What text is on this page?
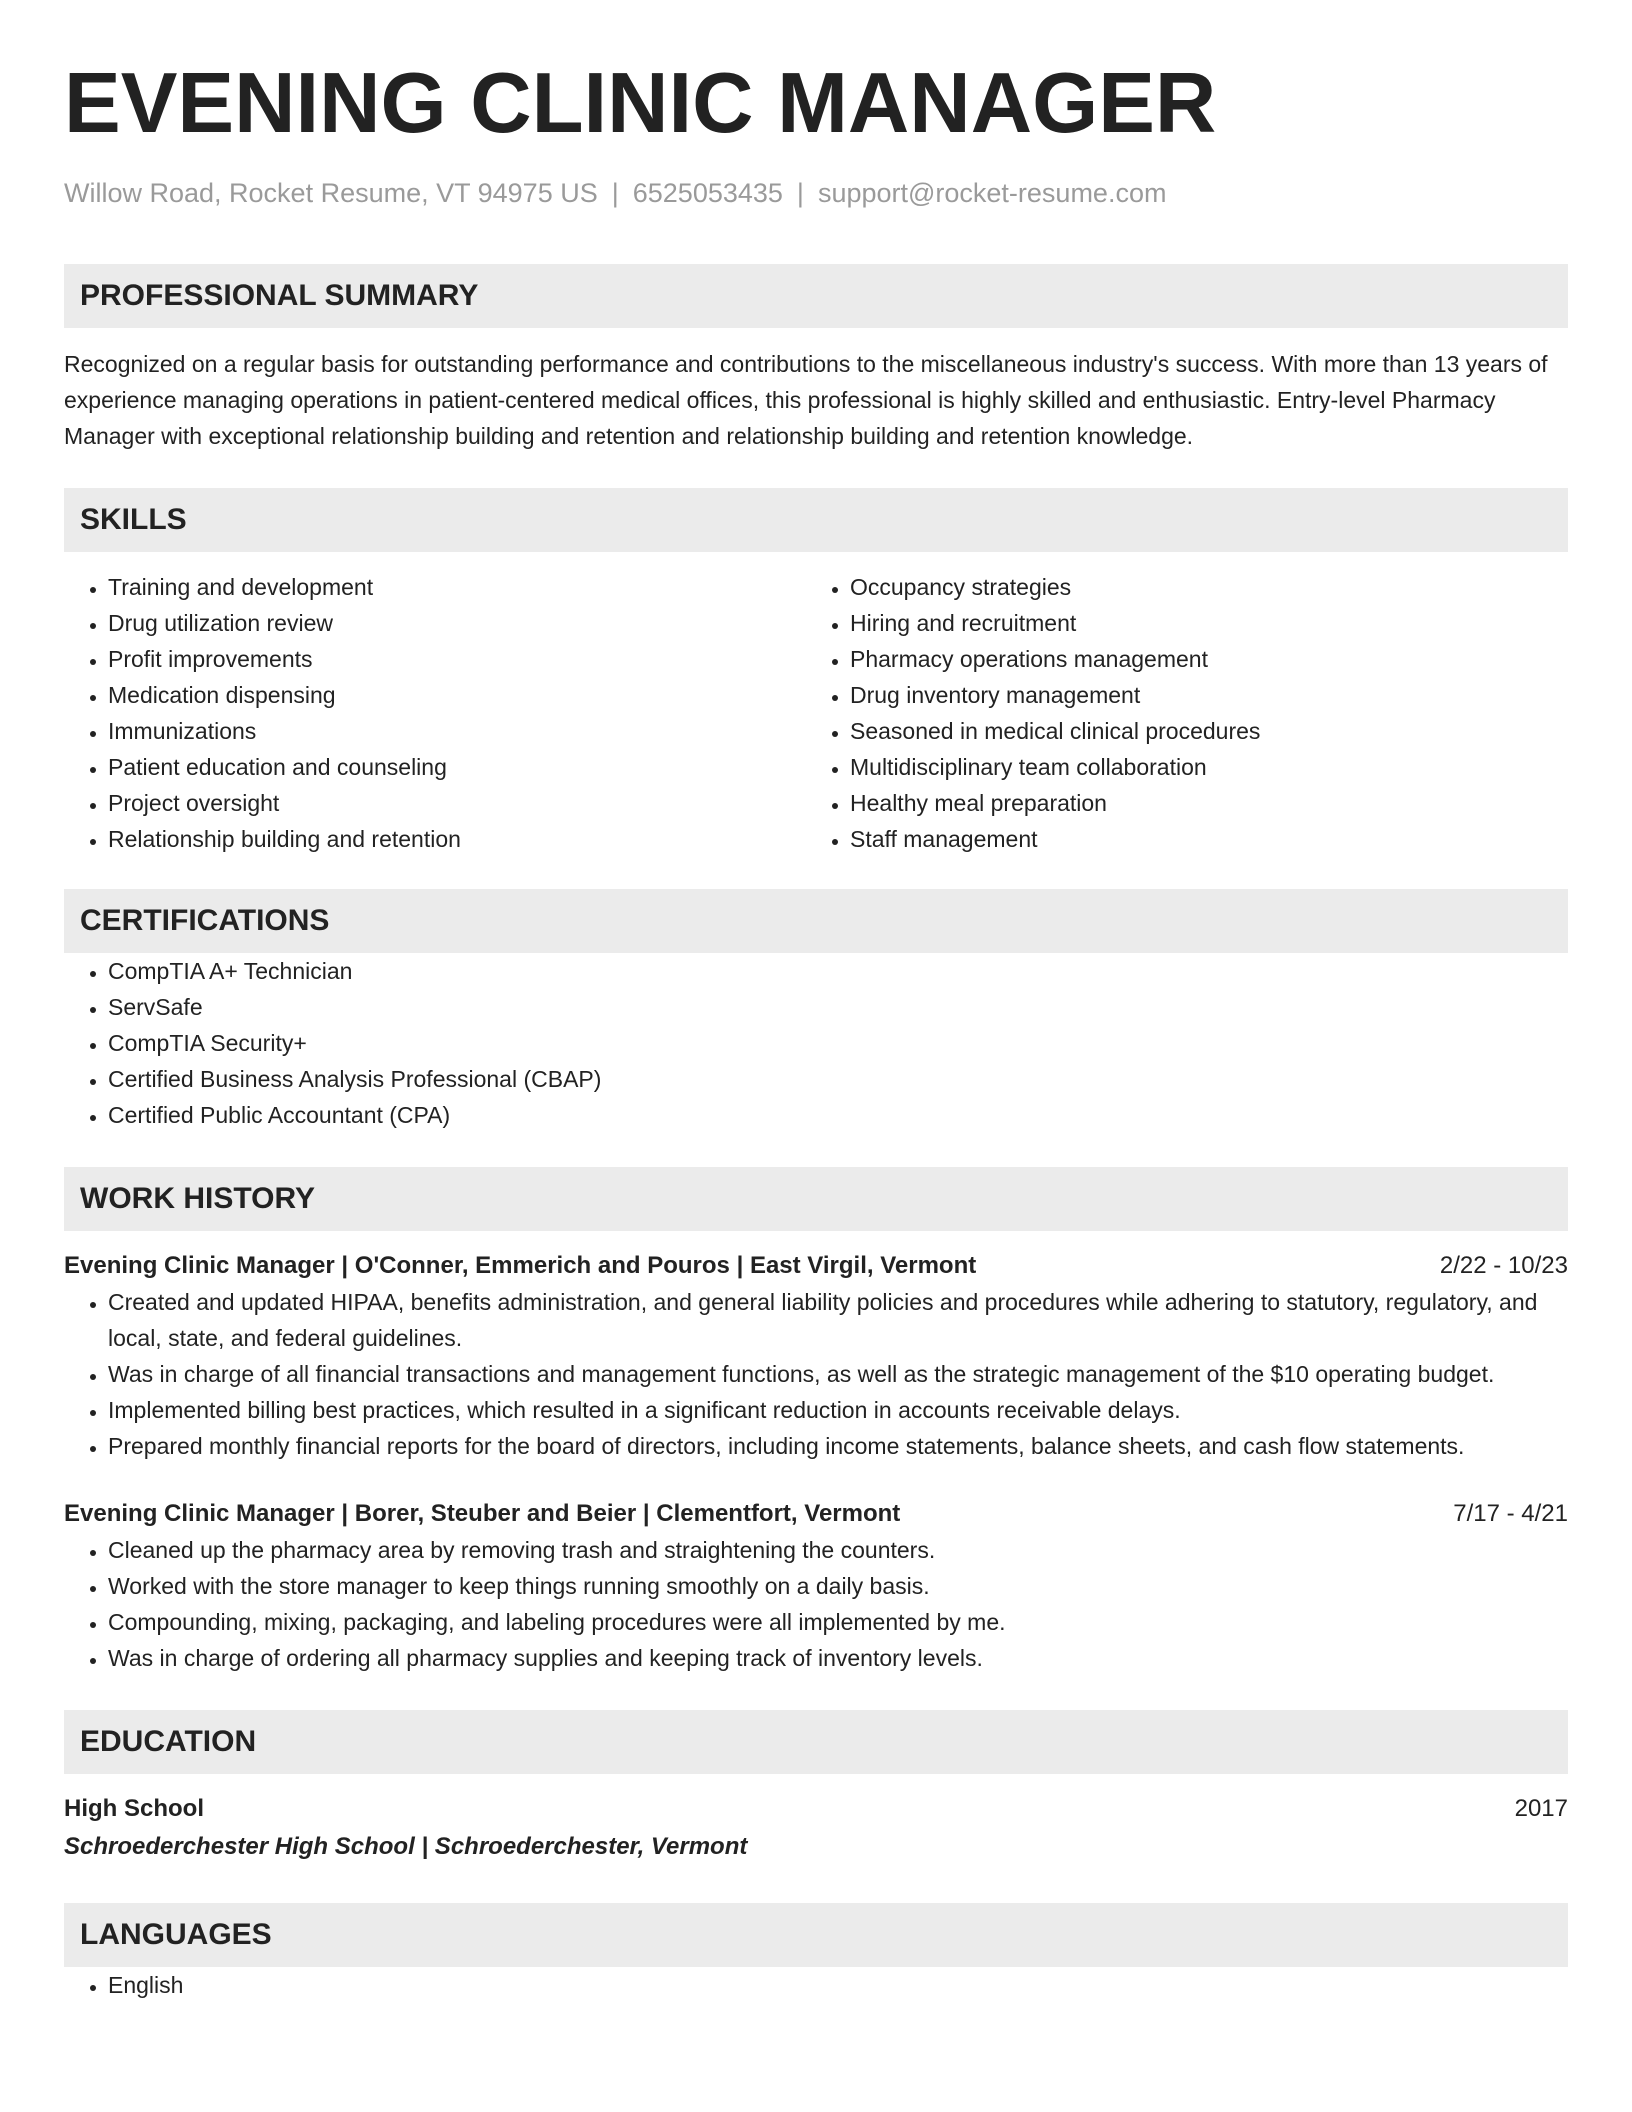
EVENING CLINIC MANAGER
Willow Road, Rocket Resume, VT 94975 US | 6525053435 | support@rocket-resume.com
PROFESSIONAL SUMMARY
Recognized on a regular basis for outstanding performance and contributions to the miscellaneous industry's success. With more than 13 years of experience managing operations in patient-centered medical offices, this professional is highly skilled and enthusiastic. Entry-level Pharmacy Manager with exceptional relationship building and retention and relationship building and retention knowledge.
SKILLS
• Training and development
• Drug utilization review
• Profit improvements
• Medication dispensing
• Immunizations
• Patient education and counseling
• Project oversight
• Relationship building and retention
• Occupancy strategies
• Hiring and recruitment
• Pharmacy operations management
• Drug inventory management
• Seasoned in medical clinical procedures
• Multidisciplinary team collaboration
• Healthy meal preparation
• Staff management
CERTIFICATIONS
• CompTIA A+ Technician
• ServSafe
• CompTIA Security+
• Certified Business Analysis Professional (CBAP)
• Certified Public Accountant (CPA)
WORK HISTORY
Evening Clinic Manager | O'Conner, Emmerich and Pouros | East Virgil, Vermont	2/22 - 10/23
• Created and updated HIPAA, benefits administration, and general liability policies and procedures while adhering to statutory, regulatory, and local, state, and federal guidelines.
• Was in charge of all financial transactions and management functions, as well as the strategic management of the $10 operating budget.
• Implemented billing best practices, which resulted in a significant reduction in accounts receivable delays.
• Prepared monthly financial reports for the board of directors, including income statements, balance sheets, and cash flow statements.
Evening Clinic Manager | Borer, Steuber and Beier | Clementfort, Vermont	7/17 - 4/21
• Cleaned up the pharmacy area by removing trash and straightening the counters.
• Worked with the store manager to keep things running smoothly on a daily basis.
• Compounding, mixing, packaging, and labeling procedures were all implemented by me.
• Was in charge of ordering all pharmacy supplies and keeping track of inventory levels.
EDUCATION
High School	2017
Schroederchester High School | Schroederchester, Vermont
LANGUAGES
• English
